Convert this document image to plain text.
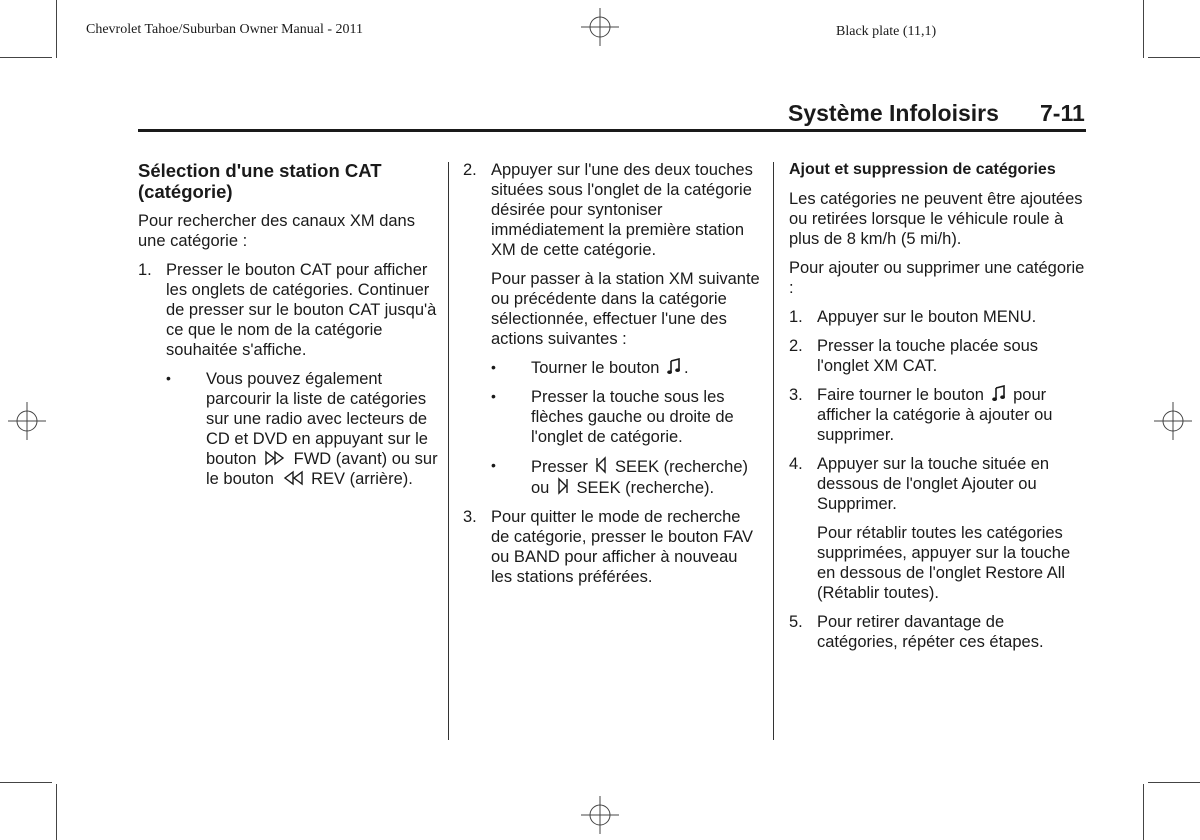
Chevrolet Tahoe/Suburban Owner Manual - 2011	Black plate (11,1)
Système Infoloisirs 7-11
Sélection d'une station CAT (catégorie)

Pour rechercher des canaux XM dans une catégorie :

1. Presser le bouton CAT pour afficher les onglets de catégories. Continuer de presser sur le bouton CAT jusqu'à ce que le nom de la catégorie souhaitée s'affiche.
• Vous pouvez également parcourir la liste de catégories sur une radio avec lecteurs de CD et DVD en appuyant sur le bouton FWD (avant) ou sur le bouton REV (arrière).
2. Appuyer sur l'une des deux touches situées sous l'onglet de la catégorie désirée pour syntoniser immédiatement la première station XM de cette catégorie.

Pour passer à la station XM suivante ou précédente dans la catégorie sélectionnée, effectuer l'une des actions suivantes :

• Tourner le bouton .
• Presser la touche sous les flèches gauche ou droite de l'onglet de catégorie.
• Presser SEEK (recherche) ou SEEK (recherche).
3. Pour quitter le mode de recherche de catégorie, presser le bouton FAV ou BAND pour afficher à nouveau les stations préférées.
Ajout et suppression de catégories

Les catégories ne peuvent être ajoutées ou retirées lorsque le véhicule roule à plus de 8 km/h (5 mi/h).

Pour ajouter ou supprimer une catégorie :

1. Appuyer sur le bouton MENU.
2. Presser la touche placée sous l'onglet XM CAT.
3. Faire tourner le bouton pour afficher la catégorie à ajouter ou supprimer.
4. Appuyer sur la touche située en dessous de l'onglet Ajouter ou Supprimer.

Pour rétablir toutes les catégories supprimées, appuyer sur la touche en dessous de l'onglet Restore All (Rétablir toutes).

5. Pour retirer davantage de catégories, répéter ces étapes.
